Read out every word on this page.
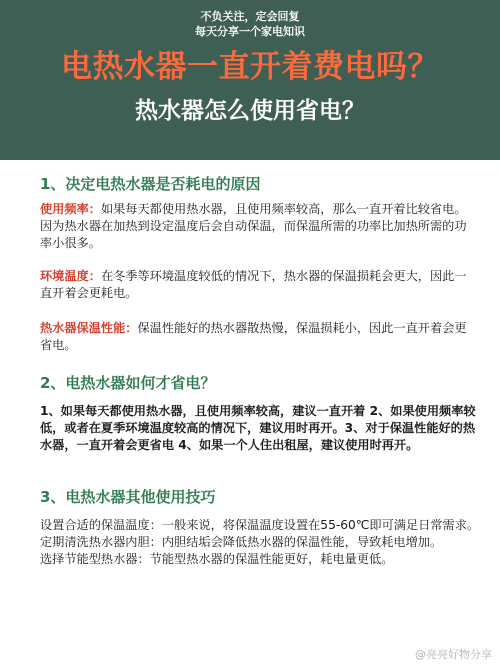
不负关注，定会回复
每天分享一个家电知识
电热水器一直开着费电吗？
热水器怎么使用省电？
1、决定电热水器是否耗电的原因

使用频率：如果每天都使用热水器，且使用频率较高，那么一直开着比较省电。因为热水器在加热到设定温度后会自动保温，而保温所需的功率比加热所需的功率小很多。

环境温度：在冬季等环境温度较低的情况下，热水器的保温损耗会更大，因此一直开着会更耗电。

热水器保温性能：保温性能好的热水器散热慢，保温损耗小，因此一直开着会更省电。

2、电热水器如何才省电？

1、如果每天都使用热水器，且使用频率较高，建议一直开着 2、如果使用频率较低，或者在夏季环境温度较高的情况下，建议用时再开。3、对于保温性能好的热水器，一直开着会更省电 4、如果一个人住出租屋，建议使用时再开。

3、电热水器其他使用技巧

设置合适的保温温度：一般来说，将保温温度设置在55-60℃即可满足日常需求。

定期清洗热水器内胆：内胆结垢会降低热水器的保温性能，导致耗电增加。

选择节能型热水器：节能型热水器的保温性能更好，耗电量更低。

@亮亮好物分享
